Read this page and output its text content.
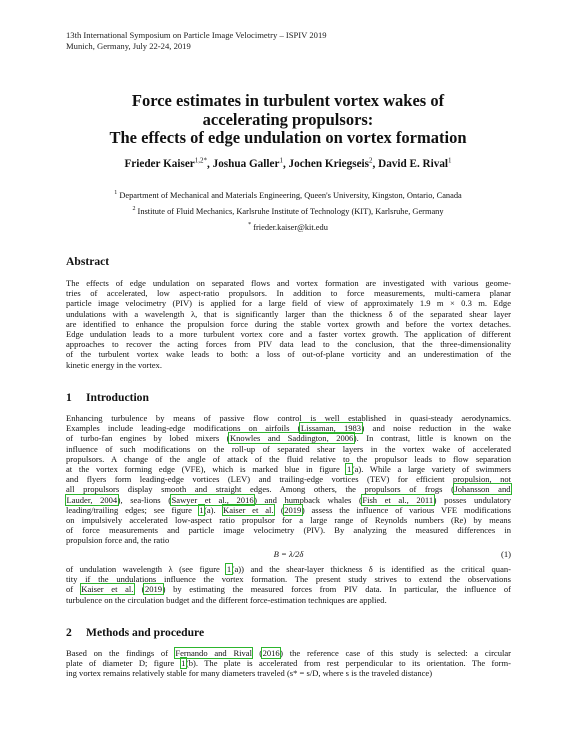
13th International Symposium on Particle Image Velocimetry – ISPIV 2019
Munich, Germany, July 22-24, 2019
Force estimates in turbulent vortex wakes of
accelerating propulsors:
The effects of edge undulation on vortex formation
Frieder Kaiser$^{1,2*}$, Joshua Galler$^1$, Jochen Kriegseis$^2$, David E. Rival$^1$
$^1$ Department of Mechanical and Materials Engineering, Queen's University, Kingston, Ontario, Canada
$^2$ Institute of Fluid Mechanics, Karlsruhe Institute of Technology (KIT), Karlsruhe, Germany
* frieder.kaiser@kit.edu
Abstract
The effects of edge undulation on separated flows and vortex formation are investigated with various geome-
tries of accelerated, low aspect-ratio propulsors. In addition to force measurements, multi-camera planar
particle image velocimetry (PIV) is applied for a large field of view of approximately 1.9 m × 0.3 m. Edge
undulations with a wavelength λ, that is significantly larger than the thickness δ of the separated shear layer
are identified to enhance the propulsion force during the stable vortex growth and before the vortex detaches.
Edge undulation leads to a more turbulent vortex core and a faster vortex growth. The application of different
approaches to recover the acting forces from PIV data lead to the conclusion, that the three-dimensionality
of the turbulent vortex wake leads to both: a loss of out-of-plane vorticity and an underestimation of the
kinetic energy in the vortex.
1 Introduction
Enhancing turbulence by means of passive flow control is well established in quasi-steady aerodynamics.
Examples include leading-edge modifications on airfoils (Lissaman, 1983) and noise reduction in the wake
of turbo-fan engines by lobed mixers (Knowles and Saddington, 2006). In contrast, little is known on the
influence of such modifications on the roll-up of separated shear layers in the vortex wake of accelerated
propulsors. A change of the angle of attack of the fluid relative to the propulsor leads to flow separation
at the vortex forming edge (VFE), which is marked blue in figure 1(a). While a large variety of swimmers
and flyers form leading-edge vortices (LEV) and trailing-edge vortices (TEV) for efficient propulsion, not
all propulsors display smooth and straight edges. Among others, the propulsors of frogs (Johansson and
Lauder, 2004), sea-lions (Sawyer et al., 2016) and humpback whales (Fish et al., 2011) posses undulatory
leading/trailing edges; see figure 1(a). Kaiser et al. (2019) assess the influence of various VFE modifications
on impulsively accelerated low-aspect ratio propulsor for a large range of Reynolds numbers (Re) by means
of force measurements and particle image velocimetry (PIV). By analyzing the measured differences in
propulsion force and, the ratio
B = λ/2δ	(1)
of undulation wavelength λ (see figure 1(a)) and the shear-layer thickness δ is identified as the critical quan-
tity if the undulations influence the vortex formation. The present study strives to extend the observations
of Kaiser et al. (2019) by estimating the measured forces from PIV data. In particular, the influence of
turbulence on the circulation budget and the different force-estimation techniques are applied.
2 Methods and procedure
Based on the findings of Fernando and Rival (2016) the reference case of this study is selected: a circular
plate of diameter D; figure 1(b). The plate is accelerated from rest perpendicular to its orientation. The form-
ing vortex remains relatively stable for many diameters traveled (s* = s/D, where s is the traveled distance)
